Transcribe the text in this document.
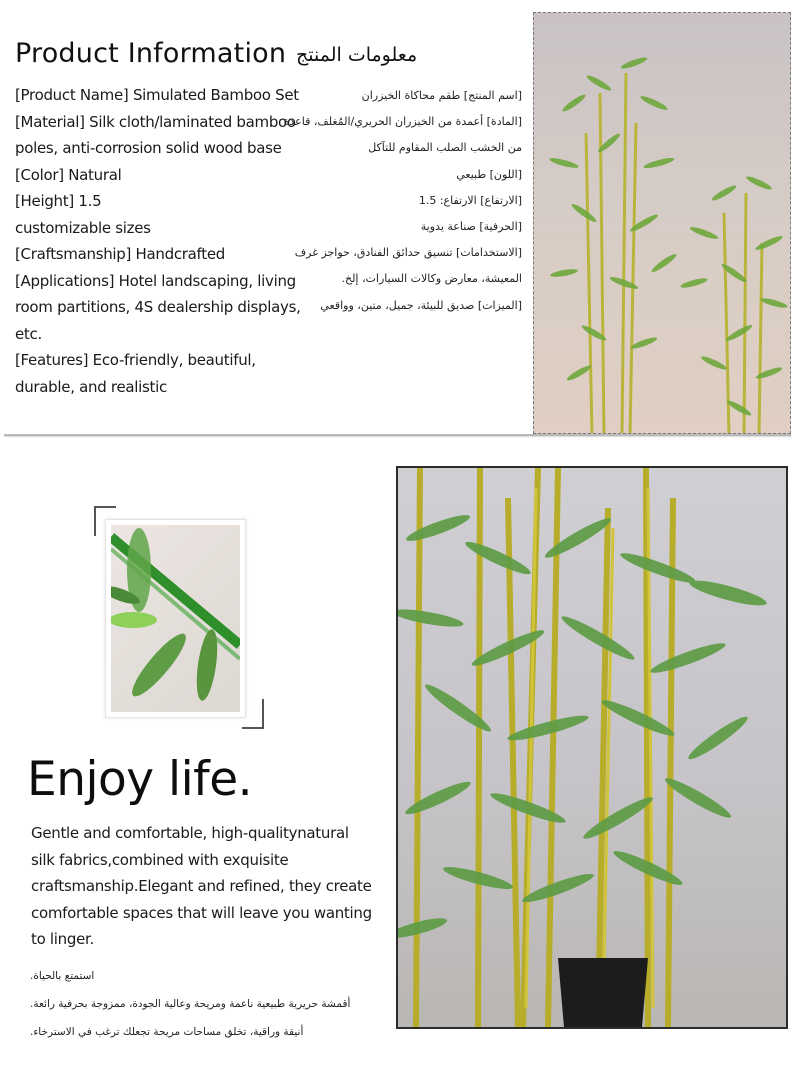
Product Information معلومات المنتج
[Product Name] Simulated Bamboo Set
[Material] Silk cloth/laminated bamboo
poles, anti-corrosion solid wood base
[Color] Natural
[Height] 1.5
customizable sizes
[Craftsmanship] Handcrafted
[Applications] Hotel landscaping, living
room partitions, 4S dealership displays,
etc.
[Features] Eco-friendly, beautiful,
durable, and realistic
[اسم المنتج] طقم محاكاة الخيزران
[المادة] أعمدة من الخيزران الحريري/المُغلف، قاعدة
من الخشب الصلب المقاوم للتآكل
[اللون] طبيعي
[الارتفاع] الارتفاع: 1.5
[الحرفية] صناعة يدوية
[الاستخدامات] تنسيق حدائق الفنادق، حواجز غرف
المعيشة، معارض وكالات السيارات، إلخ.
[الميزات] صديق للبيئة، جميل، متين، وواقعي
Enjoy life.

Gentle and comfortable, high-qualitynatural
silk fabrics,combined with exquisite
craftsmanship.Elegant and refined, they create
comfortable spaces that will leave you wanting
to linger.

استمتع بالحياة.
أقمشة حريرية طبيعية ناعمة ومريحة وعالية الجودة، ممزوجة بحرفية رائعة.
أنيقة وراقية، تخلق مساحات مريحة تجعلك ترغب في الاسترخاء.
